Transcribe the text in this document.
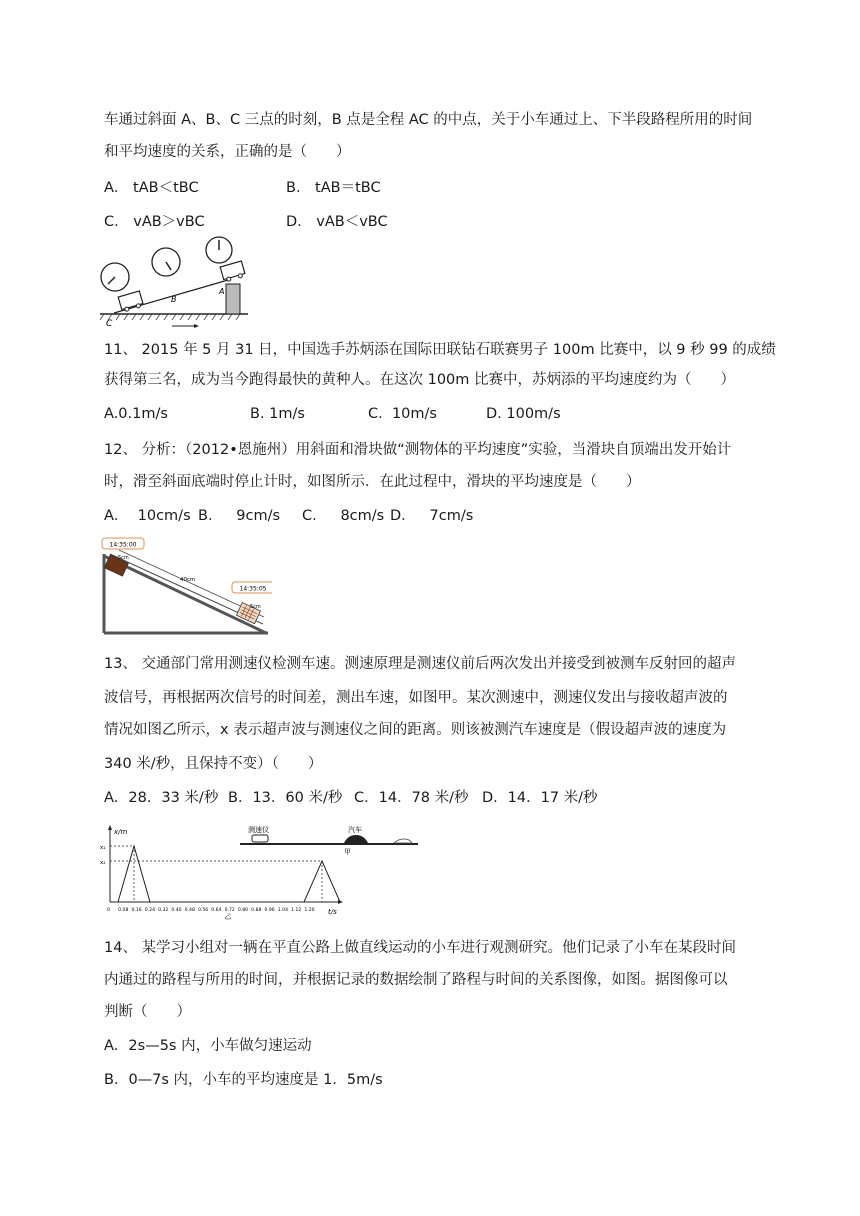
车通过斜面 A、B、C 三点的时刻，B 点是全程 AC 的中点，关于小车通过上、下半段路程所用的时间
和平均速度的关系，正确的是（　　）
A． tAB＜tBC	B． tAB＝tBC
C． vAB＞vBC	D． vAB＜vBC
C
B
A
11、 2015 年 5 月 31 日，中国选手苏炳添在国际田联钻石联赛男子 100m 比赛中，以 9 秒 99 的成绩
获得第三名，成为当今跑得最快的黄种人。在这次 100m 比赛中，苏炳添的平均速度约为（　　）
A.0.1m/s	B. 1m/s	C.  10m/s	D. 100m/s
12、 分析：（2012•恩施州）用斜面和滑块做“测物体的平均速度”实验，当滑块自顶端出发开始计
时，滑至斜面底端时停止计时，如图所示．在此过程中，滑块的平均速度是（　　）
A．  10cm/s B．   9cm/s C．   8cm/s D．   7cm/s
14:35:00
14:35:05
5cm
40cm
5cm
13、 交通部门常用测速仪检测车速。测速原理是测速仪前后两次发出并接受到被测车反射回的超声
波信号，再根据两次信号的时间差，测出车速，如图甲。某次测速中，测速仪发出与接收超声波的
情况如图乙所示，x 表示超声波与测速仪之间的距离。则该被测汽车速度是（假设超声波的速度为
340 米/秒，且保持不变）（　　）
A．28．33 米/秒 B．13．60 米/秒 C．14．78 米/秒 D．14．17 米/秒
x/m
x₁
x₂
t/s
0 0.08 0.16 0.24 0.32 0.40 0.48 0.56 0.64 0.72 0.80 0.88 0.96 1.04 1.12 1.20
乙
测速仪	汽车
甲
14、 某学习小组对一辆在平直公路上做直线运动的小车进行观测研究。他们记录了小车在某段时间
内通过的路程与所用的时间，并根据记录的数据绘制了路程与时间的关系图像，如图。据图像可以
判断（　　）
A．2s—5s 内，小车做匀速运动
B．0—7s 内，小车的平均速度是 1．5m/s
